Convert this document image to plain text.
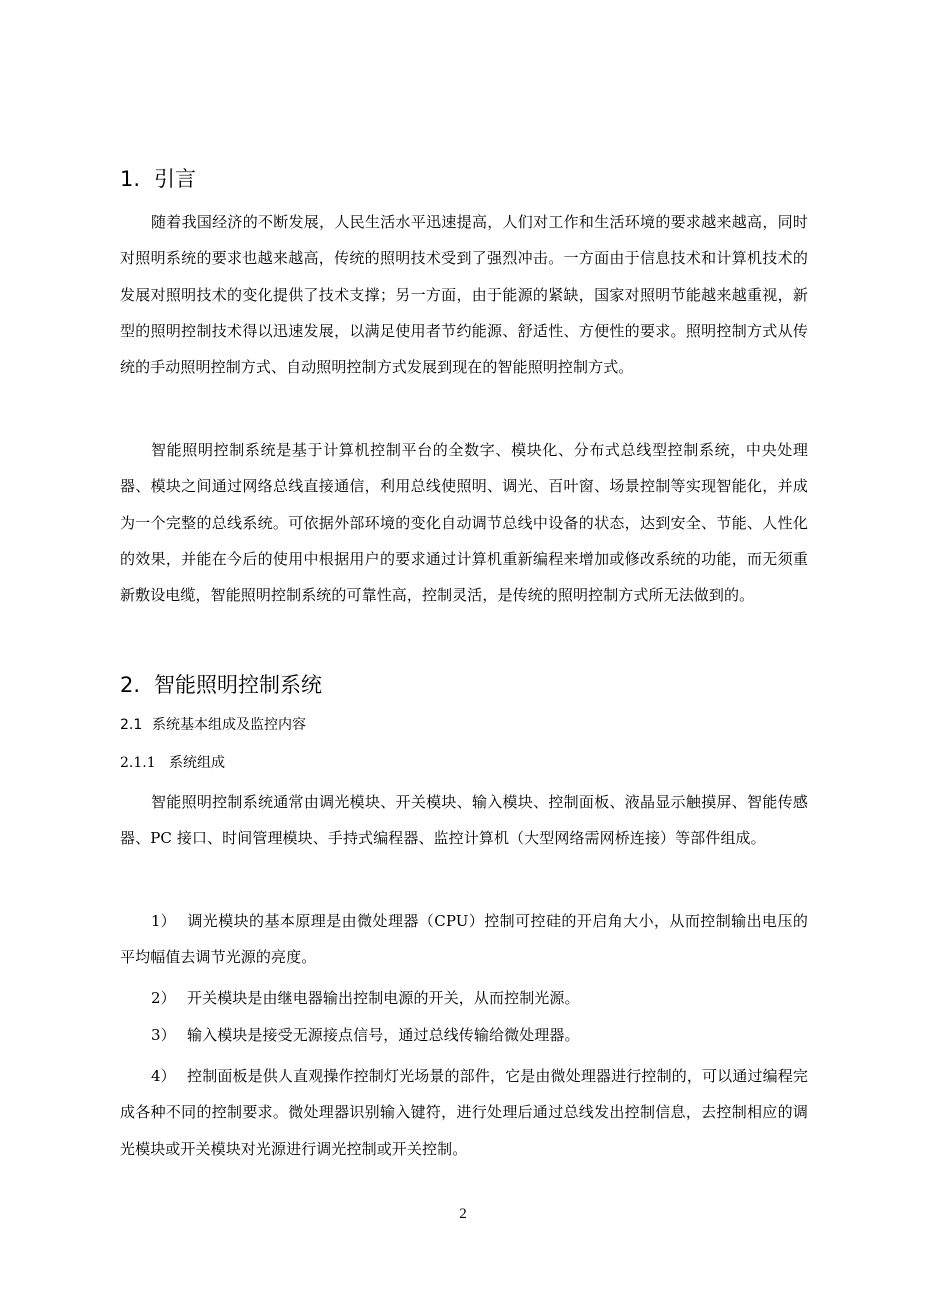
1. 引言

随着我国经济的不断发展，人民生活水平迅速提高，人们对工作和生活环境的要求越来越高，同时对照明系统的要求也越来越高，传统的照明技术受到了强烈冲击。一方面由于信息技术和计算机技术的发展对照明技术的变化提供了技术支撑；另一方面，由于能源的紧缺，国家对照明节能越来越重视，新型的照明控制技术得以迅速发展，以满足使用者节约能源、舒适性、方便性的要求。照明控制方式从传统的手动照明控制方式、自动照明控制方式发展到现在的智能照明控制方式。

智能照明控制系统是基于计算机控制平台的全数字、模块化、分布式总线型控制系统，中央处理器、模块之间通过网络总线直接通信，利用总线使照明、调光、百叶窗、场景控制等实现智能化，并成为一个完整的总线系统。可依据外部环境的变化自动调节总线中设备的状态，达到安全、节能、人性化的效果，并能在今后的使用中根据用户的要求通过计算机重新编程来增加或修改系统的功能，而无须重新敷设电缆，智能照明控制系统的可靠性高，控制灵活，是传统的照明控制方式所无法做到的。

2. 智能照明控制系统
2.1 系统基本组成及监控内容
2.1.1 系统组成

智能照明控制系统通常由调光模块、开关模块、输入模块、控制面板、液晶显示触摸屏、智能传感器、PC 接口、时间管理模块、手持式编程器、监控计算机（大型网络需网桥连接）等部件组成。

1） 调光模块的基本原理是由微处理器（CPU）控制可控硅的开启角大小，从而控制输出电压的平均幅值去调节光源的亮度。

2） 开关模块是由继电器输出控制电源的开关，从而控制光源。

3） 输入模块是接受无源接点信号，通过总线传输给微处理器。

4） 控制面板是供人直观操作控制灯光场景的部件，它是由微处理器进行控制的，可以通过编程完成各种不同的控制要求。微处理器识别输入键符，进行处理后通过总线发出控制信息，去控制相应的调光模块或开关模块对光源进行调光控制或开关控制。

2
